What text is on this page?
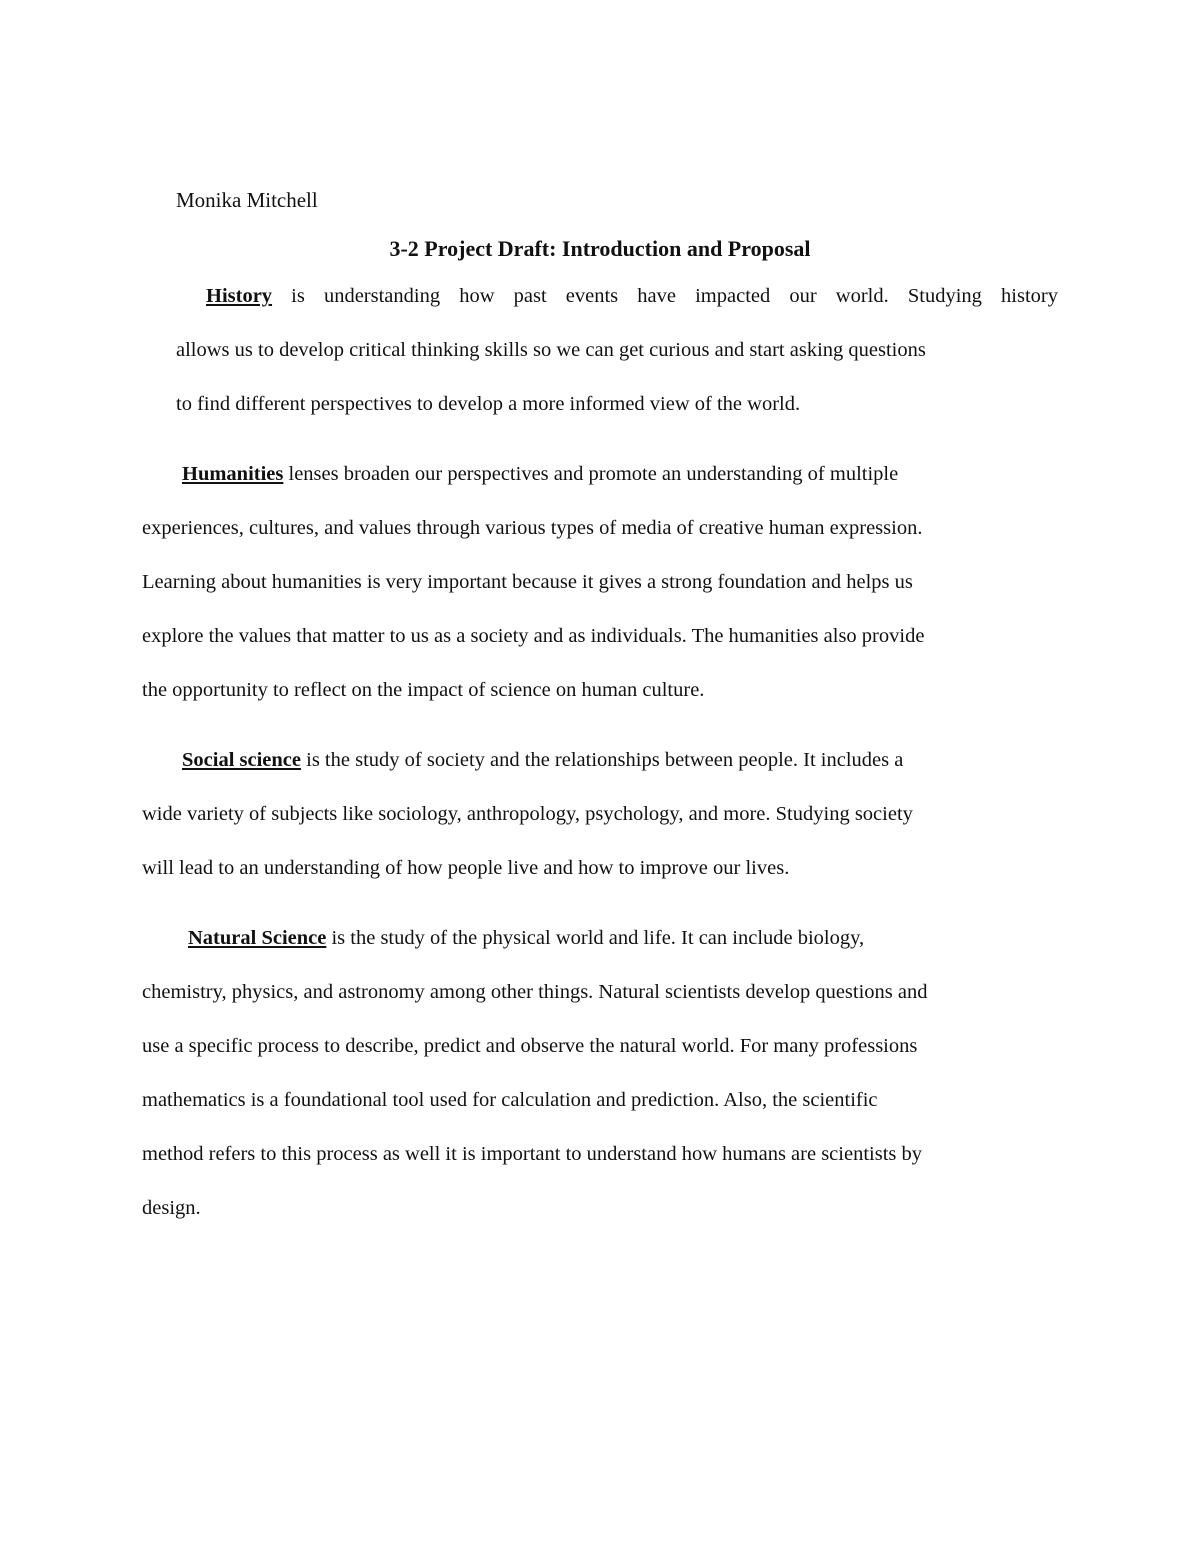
Monika Mitchell
3-2 Project Draft: Introduction and Proposal
History is understanding how past events have impacted our world. Studying history
allows us to develop critical thinking skills so we can get curious and start asking questions
to find different perspectives to develop a more informed view of the world.
Humanities lenses broaden our perspectives and promote an understanding of multiple
experiences, cultures, and values through various types of media of creative human expression.
Learning about humanities is very important because it gives a strong foundation and helps us
explore the values that matter to us as a society and as individuals. The humanities also provide
the opportunity to reflect on the impact of science on human culture.
Social science is the study of society and the relationships between people. It includes a
wide variety of subjects like sociology, anthropology, psychology, and more. Studying society
will lead to an understanding of how people live and how to improve our lives.
Natural Science is the study of the physical world and life. It can include biology,
chemistry, physics, and astronomy among other things. Natural scientists develop questions and
use a specific process to describe, predict and observe the natural world. For many professions
mathematics is a foundational tool used for calculation and prediction. Also, the scientific
method refers to this process as well it is important to understand how humans are scientists by
design.
